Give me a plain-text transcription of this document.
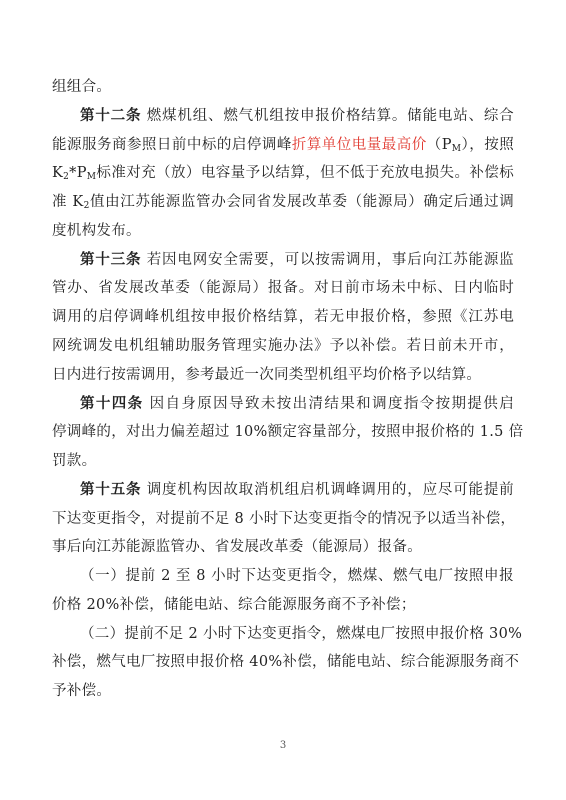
组组合。
第十二条 燃煤机组、燃气机组按申报价格结算。储能电站、综合
能源服务商参照日前中标的启停调峰折算单位电量最高价$(P_M)$，按照
$K_2*P_M$标准对充（放）电容量予以结算，但不低于充放电损失。补偿标
准 $K_2$值由江苏能源监管办会同省发展改革委（能源局）确定后通过调
度机构发布。
第十三条 若因电网安全需要，可以按需调用，事后向江苏能源监
管办、省发展改革委（能源局）报备。对日前市场未中标、日内临时
调用的启停调峰机组按申报价格结算，若无申报价格，参照《江苏电
网统调发电机组辅助服务管理实施办法》予以补偿。若日前未开市，
日内进行按需调用，参考最近一次同类型机组平均价格予以结算。
第十四条 因自身原因导致未按出清结果和调度指令按期提供启
停调峰的，对出力偏差超过 10%额定容量部分，按照申报价格的 1.5 倍
罚款。
第十五条 调度机构因故取消机组启机调峰调用的，应尽可能提前
下达变更指令，对提前不足 8 小时下达变更指令的情况予以适当补偿，
事后向江苏能源监管办、省发展改革委（能源局）报备。
（一）提前 2 至 8 小时下达变更指令，燃煤、燃气电厂按照申报
价格 20%补偿，储能电站、综合能源服务商不予补偿；
（二）提前不足 2 小时下达变更指令，燃煤电厂按照申报价格 30%
补偿，燃气电厂按照申报价格 40%补偿，储能电站、综合能源服务商不
予补偿。
3
